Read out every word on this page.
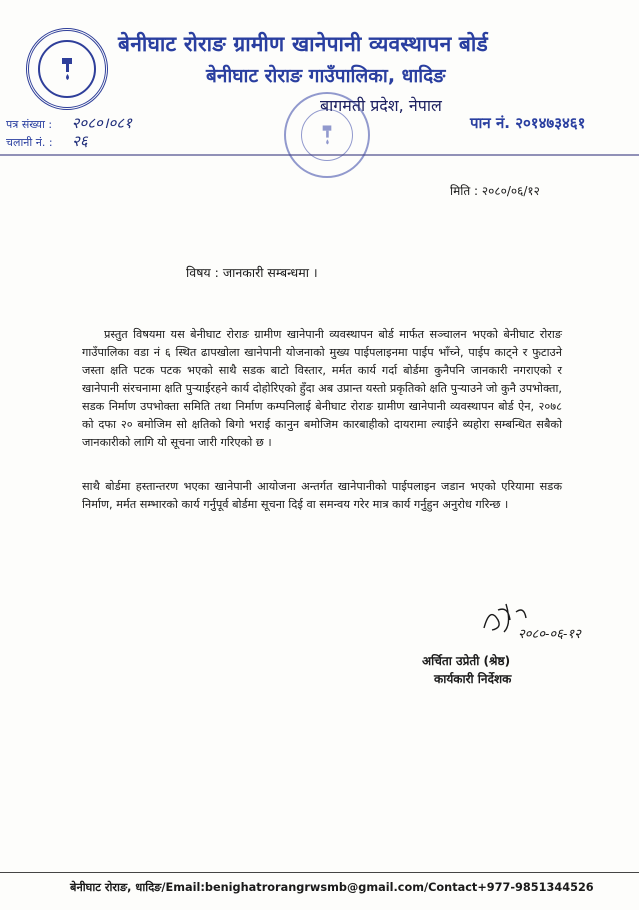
बेनीघाट रोराङ ग्रामीण खानेपानी व्यवस्थापन बोर्ड
बेनीघाट रोराङ गाउँपालिका, धादिङ
बागमती प्रदेश, नेपाल
पत्र संख्या : २०८०।०८१
चलानी नं. : २६
पान नं. २०१४७३४६१
मिति : २०८०/०६/१२
विषय : जानकारी सम्बन्धमा ।

प्रस्तुत विषयमा यस बेनीघाट रोराङ ग्रामीण खानेपानी व्यवस्थापन बोर्ड मार्फत सञ्चालन भएको बेनीघाट रोराङ गाउँपालिका वडा नं ६ स्थित ढापखोला खानेपानी योजनाको मुख्य पाईपलाइनमा पाईप भाँच्ने, पाईप काट्ने र फुटाउने जस्ता क्षति पटक पटक भएको साथै सडक बाटो विस्तार, मर्मत कार्य गर्दा बोर्डमा कुनैपनि जानकारी नगराएको र खानेपानी संरचनामा क्षति पुऱ्याईरहने कार्य दोहोरिएको हुँदा अब उप्रान्त यस्तो प्रकृतिको क्षति पुऱ्याउने जो कुनै उपभोक्ता, सडक निर्माण उपभोक्ता समिति तथा निर्माण कम्पनिलाई बेनीघाट रोराङ ग्रामीण खानेपानी व्यवस्थापन बोर्ड ऐन, २०७८ को दफा २० बमोजिम सो क्षतिको बिगो भराई कानुन बमोजिम कारबाहीको दायरामा ल्याईने ब्यहोरा सम्बन्धित सबैको जानकारीको लागि यो सूचना जारी गरिएको छ ।

साथै बोर्डमा हस्तान्तरण भएका खानेपानी आयोजना अन्तर्गत खानेपानीको पाईपलाइन जडान भएको एरियामा सडक निर्माण, मर्मत सम्भारको कार्य गर्नुपूर्व बोर्डमा सूचना दिई वा समन्वय गरेर मात्र कार्य गर्नुहुन अनुरोध गरिन्छ ।

२०८०-०६-१२
अर्चिता उप्रेती (श्रेष्ठ)
कार्यकारी निर्देशक
बेनीघाट रोराङ, धादिङ/Email:benighatrorangrwsmb@gmail.com/Contact+977-9851344526
